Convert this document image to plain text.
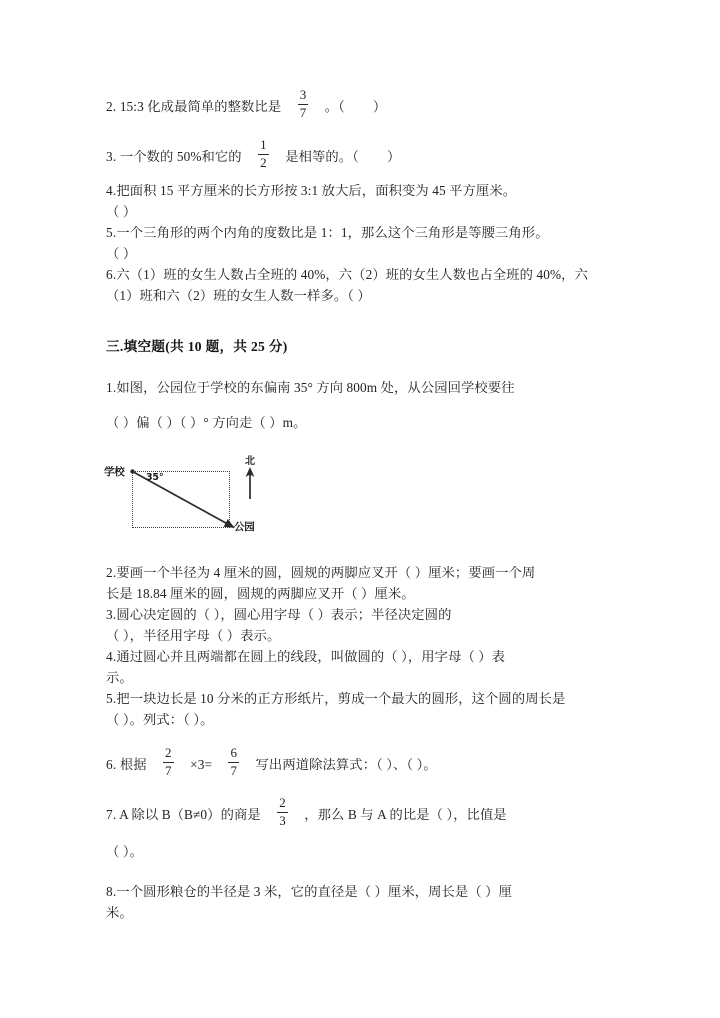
2. 15:3 化成最简单的整数比是 $\frac{3}{7}$ 。（ ）
3. 一个数的 50%和它的 $\frac{1}{2}$ 是相等的。（ ）
4.把面积 15 平方厘米的长方形按 3:1 放大后，面积变为 45 平方厘米。
（ ）
5.一个三角形的两个内角的度数比是 1：1，那么这个三角形是等腰三角形。
（ ）
6.六（1）班的女生人数占全班的 40%，六（2）班的女生人数也占全班的 40%，六
（1）班和六（2）班的女生人数一样多。（ ）
三.填空题(共 10 题，共 25 分)
1.如图，公园位于学校的东偏南 35° 方向 800m 处，从公园回学校要往
（ ）偏（ ）（ ）° 方向走（ ）m。
学校
公园
北
35°
2.要画一个半径为 4 厘米的圆，圆规的两脚应叉开（ ）厘米；要画一个周
长是 18.84 厘米的圆，圆规的两脚应叉开（ ）厘米。
3.圆心决定圆的（ ），圆心用字母（ ）表示；半径决定圆的
（ ），半径用字母（ ）表示。
4.通过圆心并且两端都在圆上的线段，叫做圆的（ ），用字母（ ）表
示。
5.把一块边长是 10 分米的正方形纸片，剪成一个最大的圆形，这个圆的周长是
（ ）。列式：（ ）。
6. 根据 $\frac{2}{7} \times 3= \frac{6}{7}$ 写出两道除法算式：（ ）、（ ）。
7. A 除以 B（B≠0）的商是 $\frac{2}{3}$ ，那么 B 与 A 的比是（ ），比值是
（ ）。
8.一个圆形粮仓的半径是 3 米，它的直径是（ ）厘米，周长是（ ）厘
米。
